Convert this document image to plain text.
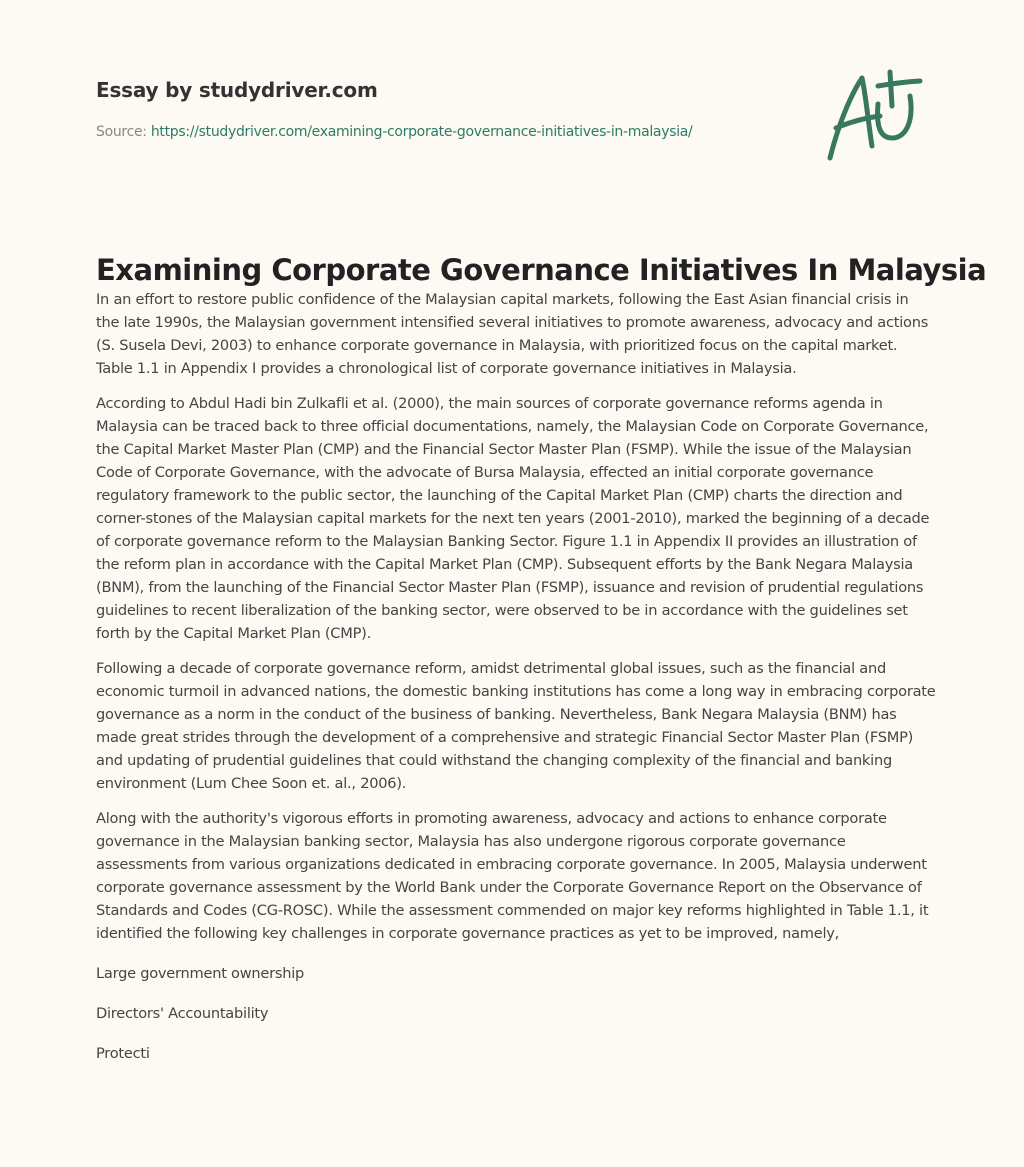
Essay by studydriver.com
Source: https://studydriver.com/examining-corporate-governance-initiatives-in-malaysia/
Examining Corporate Governance Initiatives In Malaysia

In an effort to restore public confidence of the Malaysian capital markets, following the East Asian financial crisis in the late 1990s, the Malaysian government intensified several initiatives to promote awareness, advocacy and actions (S. Susela Devi, 2003) to enhance corporate governance in Malaysia, with prioritized focus on the capital market. Table 1.1 in Appendix I provides a chronological list of corporate governance initiatives in Malaysia.

According to Abdul Hadi bin Zulkafli et al. (2000), the main sources of corporate governance reforms agenda in Malaysia can be traced back to three official documentations, namely, the Malaysian Code on Corporate Governance, the Capital Market Master Plan (CMP) and the Financial Sector Master Plan (FSMP). While the issue of the Malaysian Code of Corporate Governance, with the advocate of Bursa Malaysia, effected an initial corporate governance regulatory framework to the public sector, the launching of the Capital Market Plan (CMP) charts the direction and corner-stones of the Malaysian capital markets for the next ten years (2001-2010), marked the beginning of a decade of corporate governance reform to the Malaysian Banking Sector. Figure 1.1 in Appendix II provides an illustration of the reform plan in accordance with the Capital Market Plan (CMP). Subsequent efforts by the Bank Negara Malaysia (BNM), from the launching of the Financial Sector Master Plan (FSMP), issuance and revision of prudential regulations guidelines to recent liberalization of the banking sector, were observed to be in accordance with the guidelines set forth by the Capital Market Plan (CMP).

Following a decade of corporate governance reform, amidst detrimental global issues, such as the financial and economic turmoil in advanced nations, the domestic banking institutions has come a long way in embracing corporate governance as a norm in the conduct of the business of banking. Nevertheless, Bank Negara Malaysia (BNM) has made great strides through the development of a comprehensive and strategic Financial Sector Master Plan (FSMP) and updating of prudential guidelines that could withstand the changing complexity of the financial and banking environment (Lum Chee Soon et. al., 2006).

Along with the authority's vigorous efforts in promoting awareness, advocacy and actions to enhance corporate governance in the Malaysian banking sector, Malaysia has also undergone rigorous corporate governance assessments from various organizations dedicated in embracing corporate governance. In 2005, Malaysia underwent corporate governance assessment by the World Bank under the Corporate Governance Report on the Observance of Standards and Codes (CG-ROSC). While the assessment commended on major key reforms highlighted in Table 1.1, it identified the following key challenges in corporate governance practices as yet to be improved, namely,

Large government ownership

Directors' Accountability

Protecti
